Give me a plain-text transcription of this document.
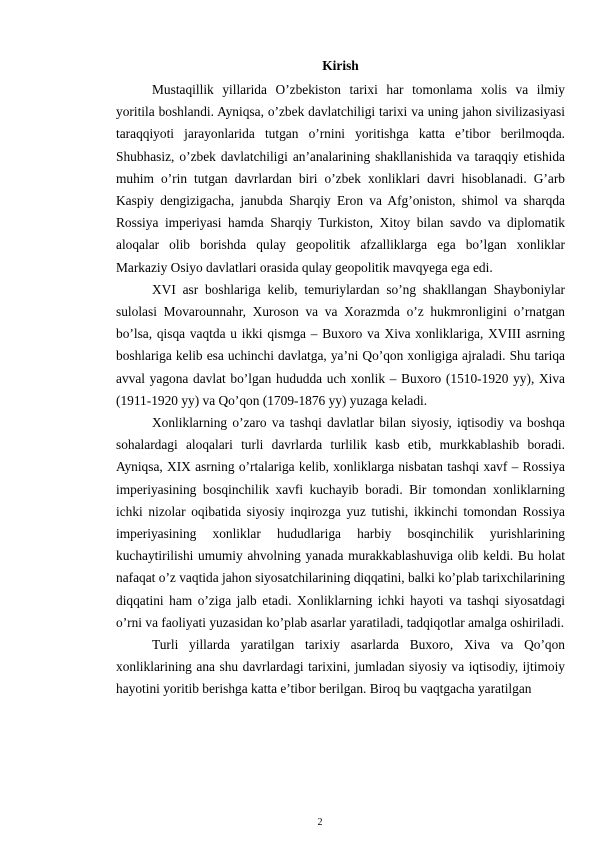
Kirish

Mustaqillik yillarida O’zbekiston tarixi har tomonlama xolis va ilmiy yoritila boshlandi. Ayniqsa, o’zbek davlatchiligi tarixi va uning jahon sivilizasiyasi taraqqiyoti jarayonlarida tutgan o’rnini yoritishga katta e’tibor berilmoqda. Shubhasiz, o’zbek davlatchiligi an’analarining shakllanishida va taraqqiy etishida muhim o’rin tutgan davrlardan biri o’zbek xonliklari davri hisoblanadi. G’arb Kaspiy dengizigacha, janubda Sharqiy Eron va Afg’oniston, shimol va sharqda Rossiya imperiyasi hamda Sharqiy Turkiston, Xitoy bilan savdo va diplomatik aloqalar olib borishda qulay geopolitik afzalliklarga ega bo’lgan xonliklar Markaziy Osiyo davlatlari orasida qulay geopolitik mavqyega ega edi.

XVI asr boshlariga kelib, temuriylardan so’ng shakllangan Shayboniylar sulolasi Movarounnahr, Xuroson va va Xorazmda o’z hukmronligini o’rnatgan bo’lsa, qisqa vaqtda u ikki qismga – Buxoro va Xiva xonliklariga, XVIII asrning boshlariga kelib esa uchinchi davlatga, ya’ni Qo’qon xonligiga ajraladi. Shu tariqa avval yagona davlat bo’lgan hududda uch xonlik – Buxoro (1510-1920 yy), Xiva (1911-1920 yy) va Qo’qon (1709-1876 yy) yuzaga keladi.

Xonliklarning o’zaro va tashqi davlatlar bilan siyosiy, iqtisodiy va boshqa sohalardagi aloqalari turli davrlarda turlilik kasb etib, murkkablashib boradi. Ayniqsa, XIX asrning o’rtalariga kelib, xonliklarga nisbatan tashqi xavf – Rossiya imperiyasining bosqinchilik xavfi kuchayib boradi. Bir tomondan xonliklarning ichki nizolar oqibatida siyosiy inqirozga yuz tutishi, ikkinchi tomondan Rossiya imperiyasining xonliklar hududlariga harbiy bosqinchilik yurishlarining kuchaytirilishi umumiy ahvolning yanada murakkablashuviga olib keldi. Bu holat nafaqat o’z vaqtida jahon siyosatchilarining diqqatini, balki ko’plab tarixchilarining diqqatini ham o’ziga jalb etadi. Xonliklarning ichki hayoti va tashqi siyosatdagi o’rni va faoliyati yuzasidan ko’plab asarlar yaratiladi, tadqiqotlar amalga oshiriladi.

Turli yillarda yaratilgan tarixiy asarlarda Buxoro, Xiva va Qo’qon xonliklarining ana shu davrlardagi tarixini, jumladan siyosiy va iqtisodiy, ijtimoiy hayotini yoritib berishga katta e’tibor berilgan. Biroq bu vaqtgacha yaratilgan

2
